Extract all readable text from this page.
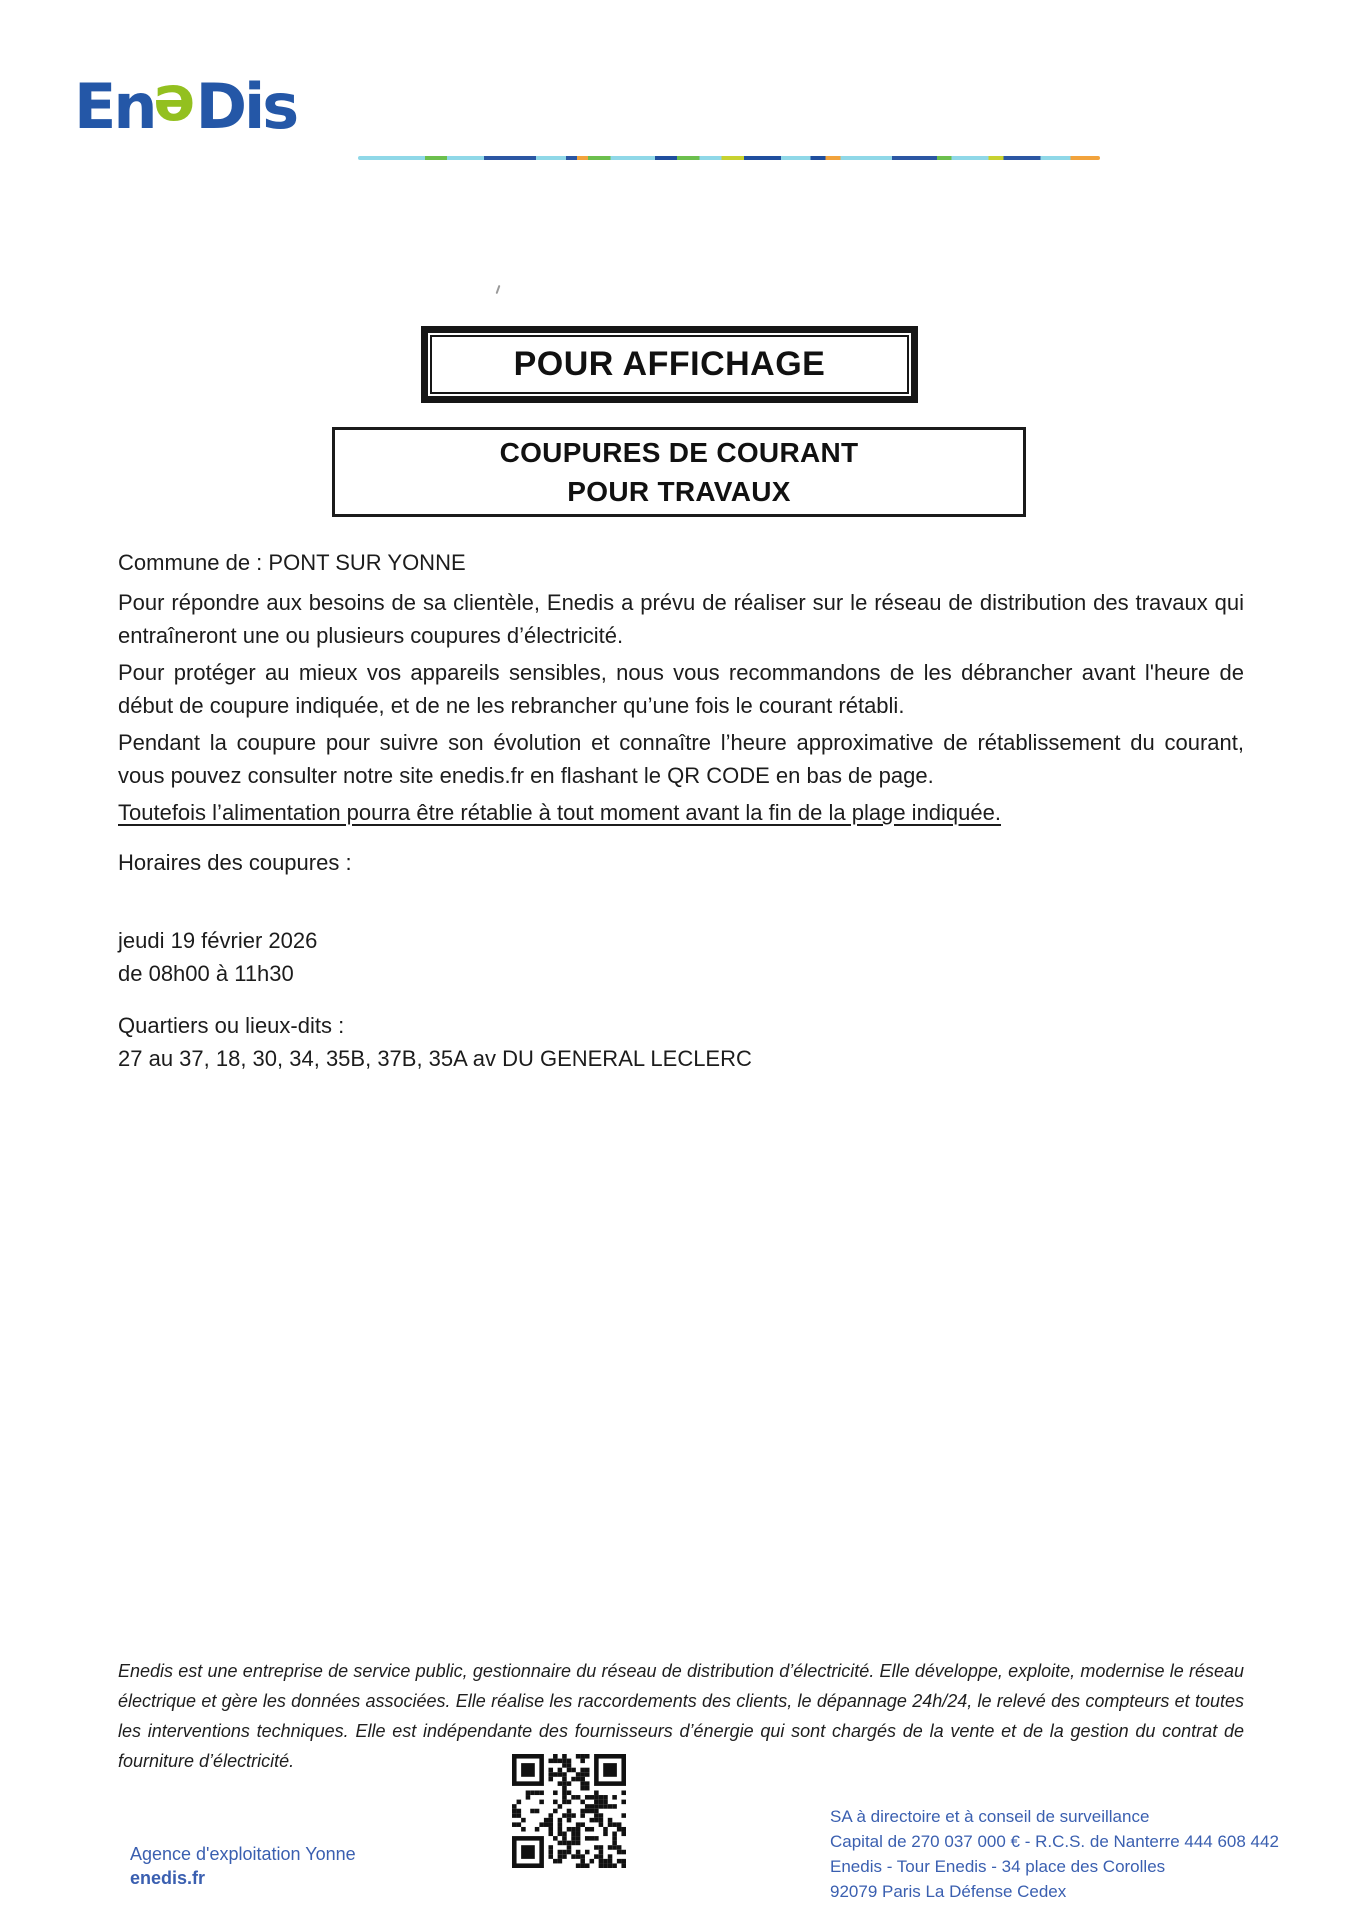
EneDis
POUR AFFICHAGE
COUPURES DE COURANT
POUR TRAVAUX
Commune de : PONT SUR YONNE
Pour répondre aux besoins de sa clientèle, Enedis a prévu de réaliser sur le réseau de distribution des travaux qui entraîneront une ou plusieurs coupures d’électricité.
Pour protéger au mieux vos appareils sensibles, nous vous recommandons de les débrancher avant l'heure de début de coupure indiquée, et de ne les rebrancher qu’une fois le courant rétabli.
Pendant la coupure pour suivre son évolution et connaître l’heure approximative de rétablissement du courant, vous pouvez consulter notre site enedis.fr en flashant le QR CODE en bas de page.
Toutefois l’alimentation pourra être rétablie à tout moment avant la fin de la plage indiquée.
Horaires des coupures :
jeudi 19 février 2026
de 08h00 à 11h30
Quartiers ou lieux-dits :
27 au 37, 18, 30, 34, 35B, 37B, 35A av DU GENERAL LECLERC
Enedis est une entreprise de service public, gestionnaire du réseau de distribution d’électricité. Elle développe, exploite, modernise le réseau électrique et gère les données associées. Elle réalise les raccordements des clients, le dépannage 24h/24, le relevé des compteurs et toutes les interventions techniques. Elle est indépendante des fournisseurs d’énergie qui sont chargés de la vente et de la gestion du contrat de fourniture d’électricité.
Agence d'exploitation Yonne
enedis.fr
SA à directoire et à conseil de surveillance
Capital de 270 037 000 € - R.C.S. de Nanterre 444 608 442
Enedis - Tour Enedis - 34 place des Corolles
92079 Paris La Défense Cedex
